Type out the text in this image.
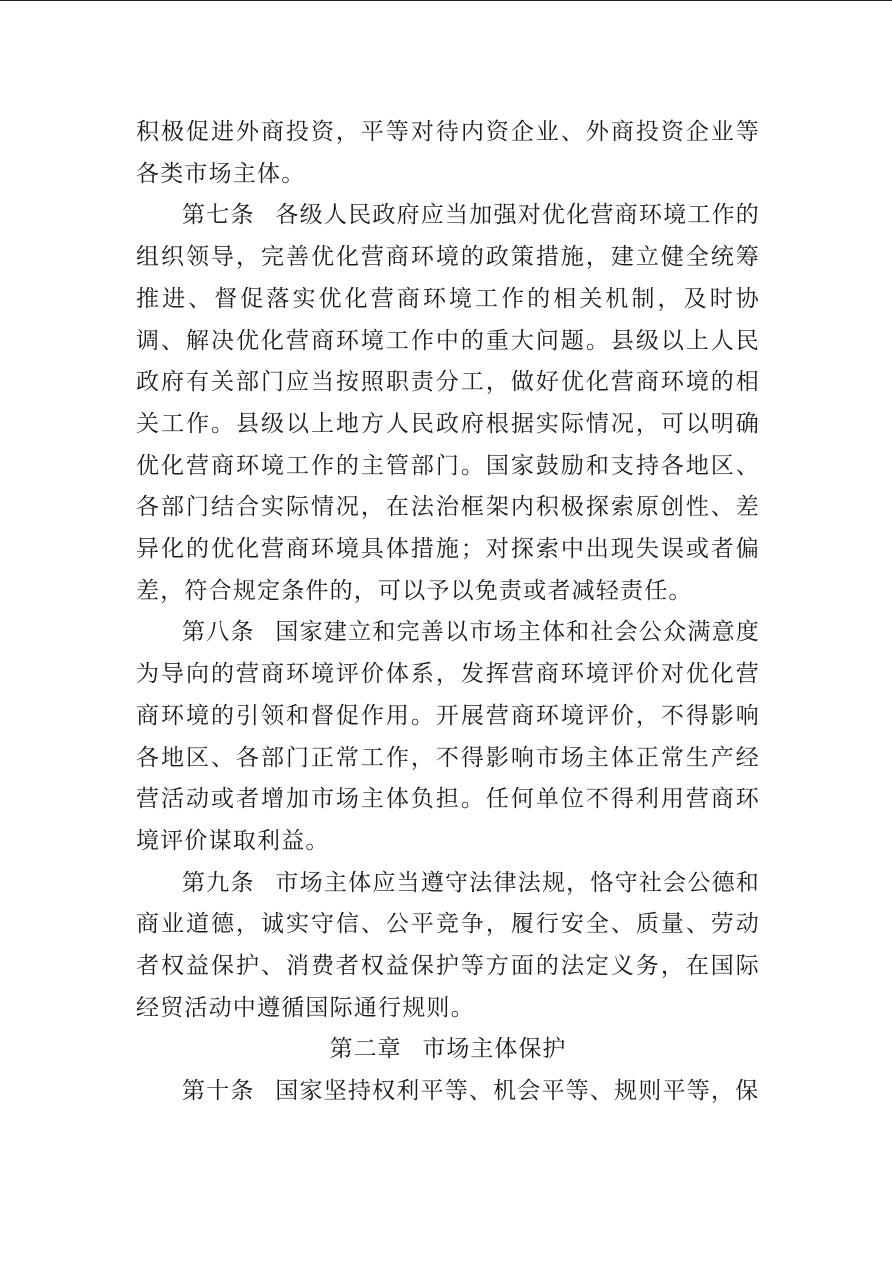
积极促进外商投资，平等对待内资企业、外商投资企业等各类市场主体。

第七条 各级人民政府应当加强对优化营商环境工作的组织领导，完善优化营商环境的政策措施，建立健全统筹推进、督促落实优化营商环境工作的相关机制，及时协调、解决优化营商环境工作中的重大问题。县级以上人民政府有关部门应当按照职责分工，做好优化营商环境的相关工作。县级以上地方人民政府根据实际情况，可以明确优化营商环境工作的主管部门。国家鼓励和支持各地区、各部门结合实际情况，在法治框架内积极探索原创性、差异化的优化营商环境具体措施；对探索中出现失误或者偏差，符合规定条件的，可以予以免责或者减轻责任。

第八条 国家建立和完善以市场主体和社会公众满意度为导向的营商环境评价体系，发挥营商环境评价对优化营商环境的引领和督促作用。开展营商环境评价，不得影响各地区、各部门正常工作，不得影响市场主体正常生产经营活动或者增加市场主体负担。任何单位不得利用营商环境评价谋取利益。

第九条 市场主体应当遵守法律法规，恪守社会公德和商业道德，诚实守信、公平竞争，履行安全、质量、劳动者权益保护、消费者权益保护等方面的法定义务，在国际经贸活动中遵循国际通行规则。

第二章 市场主体保护

第十条 国家坚持权利平等、机会平等、规则平等，保
